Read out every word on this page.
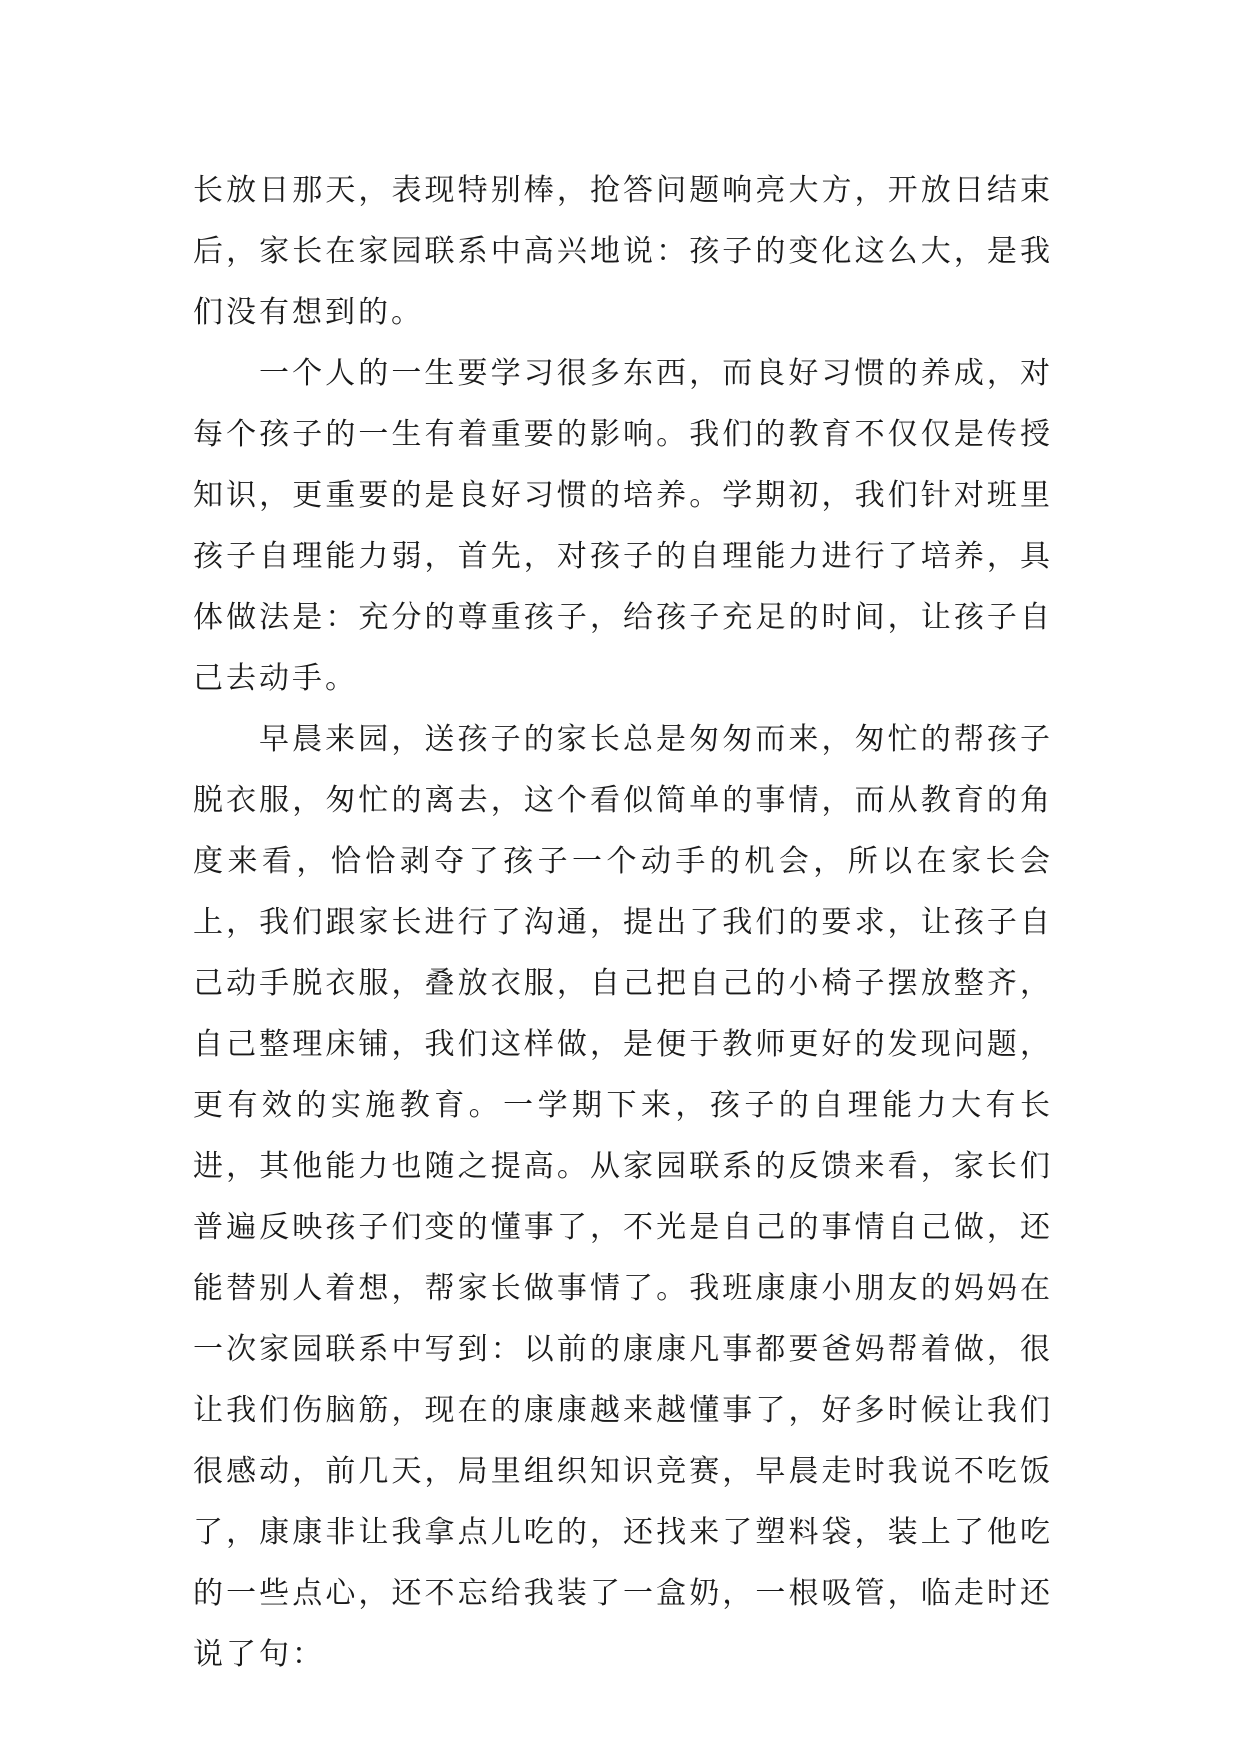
长放日那天，表现特别棒，抢答问题响亮大方，开放日结束后，家长在家园联系中高兴地说：孩子的变化这么大，是我们没有想到的。

一个人的一生要学习很多东西，而良好习惯的养成，对每个孩子的一生有着重要的影响。我们的教育不仅仅是传授知识，更重要的是良好习惯的培养。学期初，我们针对班里孩子自理能力弱，首先，对孩子的自理能力进行了培养，具体做法是：充分的尊重孩子，给孩子充足的时间，让孩子自己去动手。

早晨来园，送孩子的家长总是匆匆而来，匆忙的帮孩子脱衣服，匆忙的离去，这个看似简单的事情，而从教育的角度来看，恰恰剥夺了孩子一个动手的机会，所以在家长会上，我们跟家长进行了沟通，提出了我们的要求，让孩子自己动手脱衣服，叠放衣服，自己把自己的小椅子摆放整齐，自己整理床铺，我们这样做，是便于教师更好的发现问题，更有效的实施教育。一学期下来，孩子的自理能力大有长进，其他能力也随之提高。从家园联系的反馈来看，家长们普遍反映孩子们变的懂事了，不光是自己的事情自己做，还能替别人着想，帮家长做事情了。我班康康小朋友的妈妈在一次家园联系中写到：以前的康康凡事都要爸妈帮着做，很让我们伤脑筋，现在的康康越来越懂事了，好多时候让我们很感动，前几天，局里组织知识竞赛，早晨走时我说不吃饭了，康康非让我拿点儿吃的，还找来了塑料袋，装上了他吃的一些点心，还不忘给我装了一盒奶，一根吸管，临走时还说了句：
